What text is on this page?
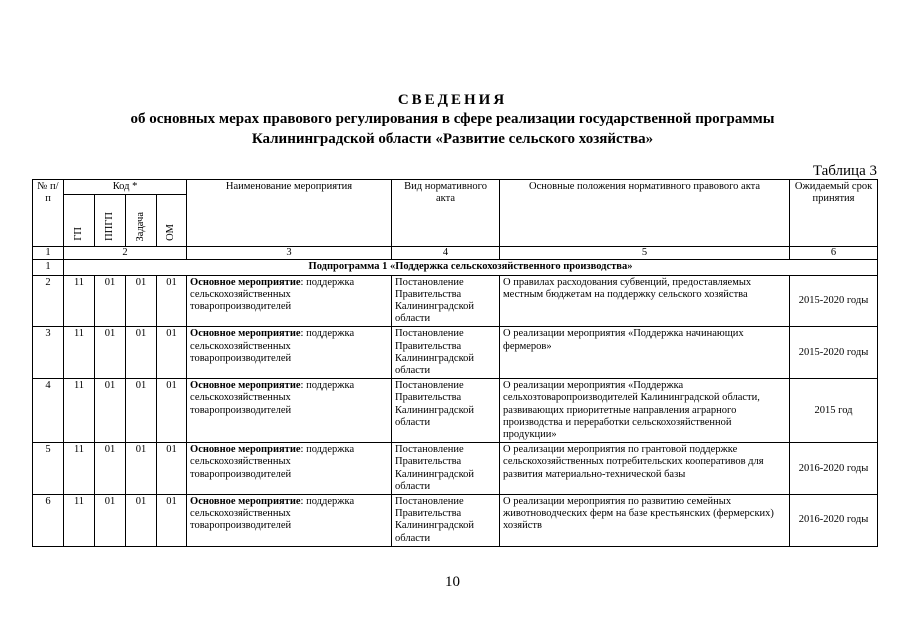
СВЕДЕНИЯ
об основных мерах правового регулирования в сфере реализации государственной программы
Калининградской области «Развитие сельского хозяйства»
Таблица 3
№ п/п	Код *				Наименование мероприятия	Вид нормативного акта	Основные положения нормативного правового акта	Ожидаемый срок принятия
	ГП	ППГП	Задача	ОМ				
1	2				3	4	5	6
1	Подпрограмма 1 «Поддержка сельскохозяйственного производства»							
2	11	01	01	01	Основное мероприятие: поддержка сельскохозяйственных товаропроизводителей	Постановление Правительства Калининградской области	О правилах расходования субвенций, предоставляемых местным бюджетам на поддержку сельского хозяйства	2015-2020 годы
3	11	01	01	01	Основное мероприятие: поддержка сельскохозяйственных товаропроизводителей	Постановление Правительства Калининградской области	О реализации мероприятия «Поддержка начинающих фермеров»	2015-2020 годы
4	11	01	01	01	Основное мероприятие: поддержка сельскохозяйственных товаропроизводителей	Постановление Правительства Калининградской области	О реализации мероприятия «Поддержка сельхозтоваропроизводителей Калининградской области, развивающих приоритетные направления аграрного производства и переработки сельскохозяйственной продукции»	2015 год
5	11	01	01	01	Основное мероприятие: поддержка сельскохозяйственных товаропроизводителей	Постановление Правительства Калининградской области	О реализации мероприятия по грантовой поддержке сельскохозяйственных потребительских кооперативов для развития материально-технической базы	2016-2020 годы
6	11	01	01	01	Основное мероприятие: поддержка сельскохозяйственных товаропроизводителей	Постановление Правительства Калининградской области	О реализации мероприятия по развитию семейных животноводческих ферм на базе крестьянских (фермерских) хозяйств	2016-2020 годы
10
